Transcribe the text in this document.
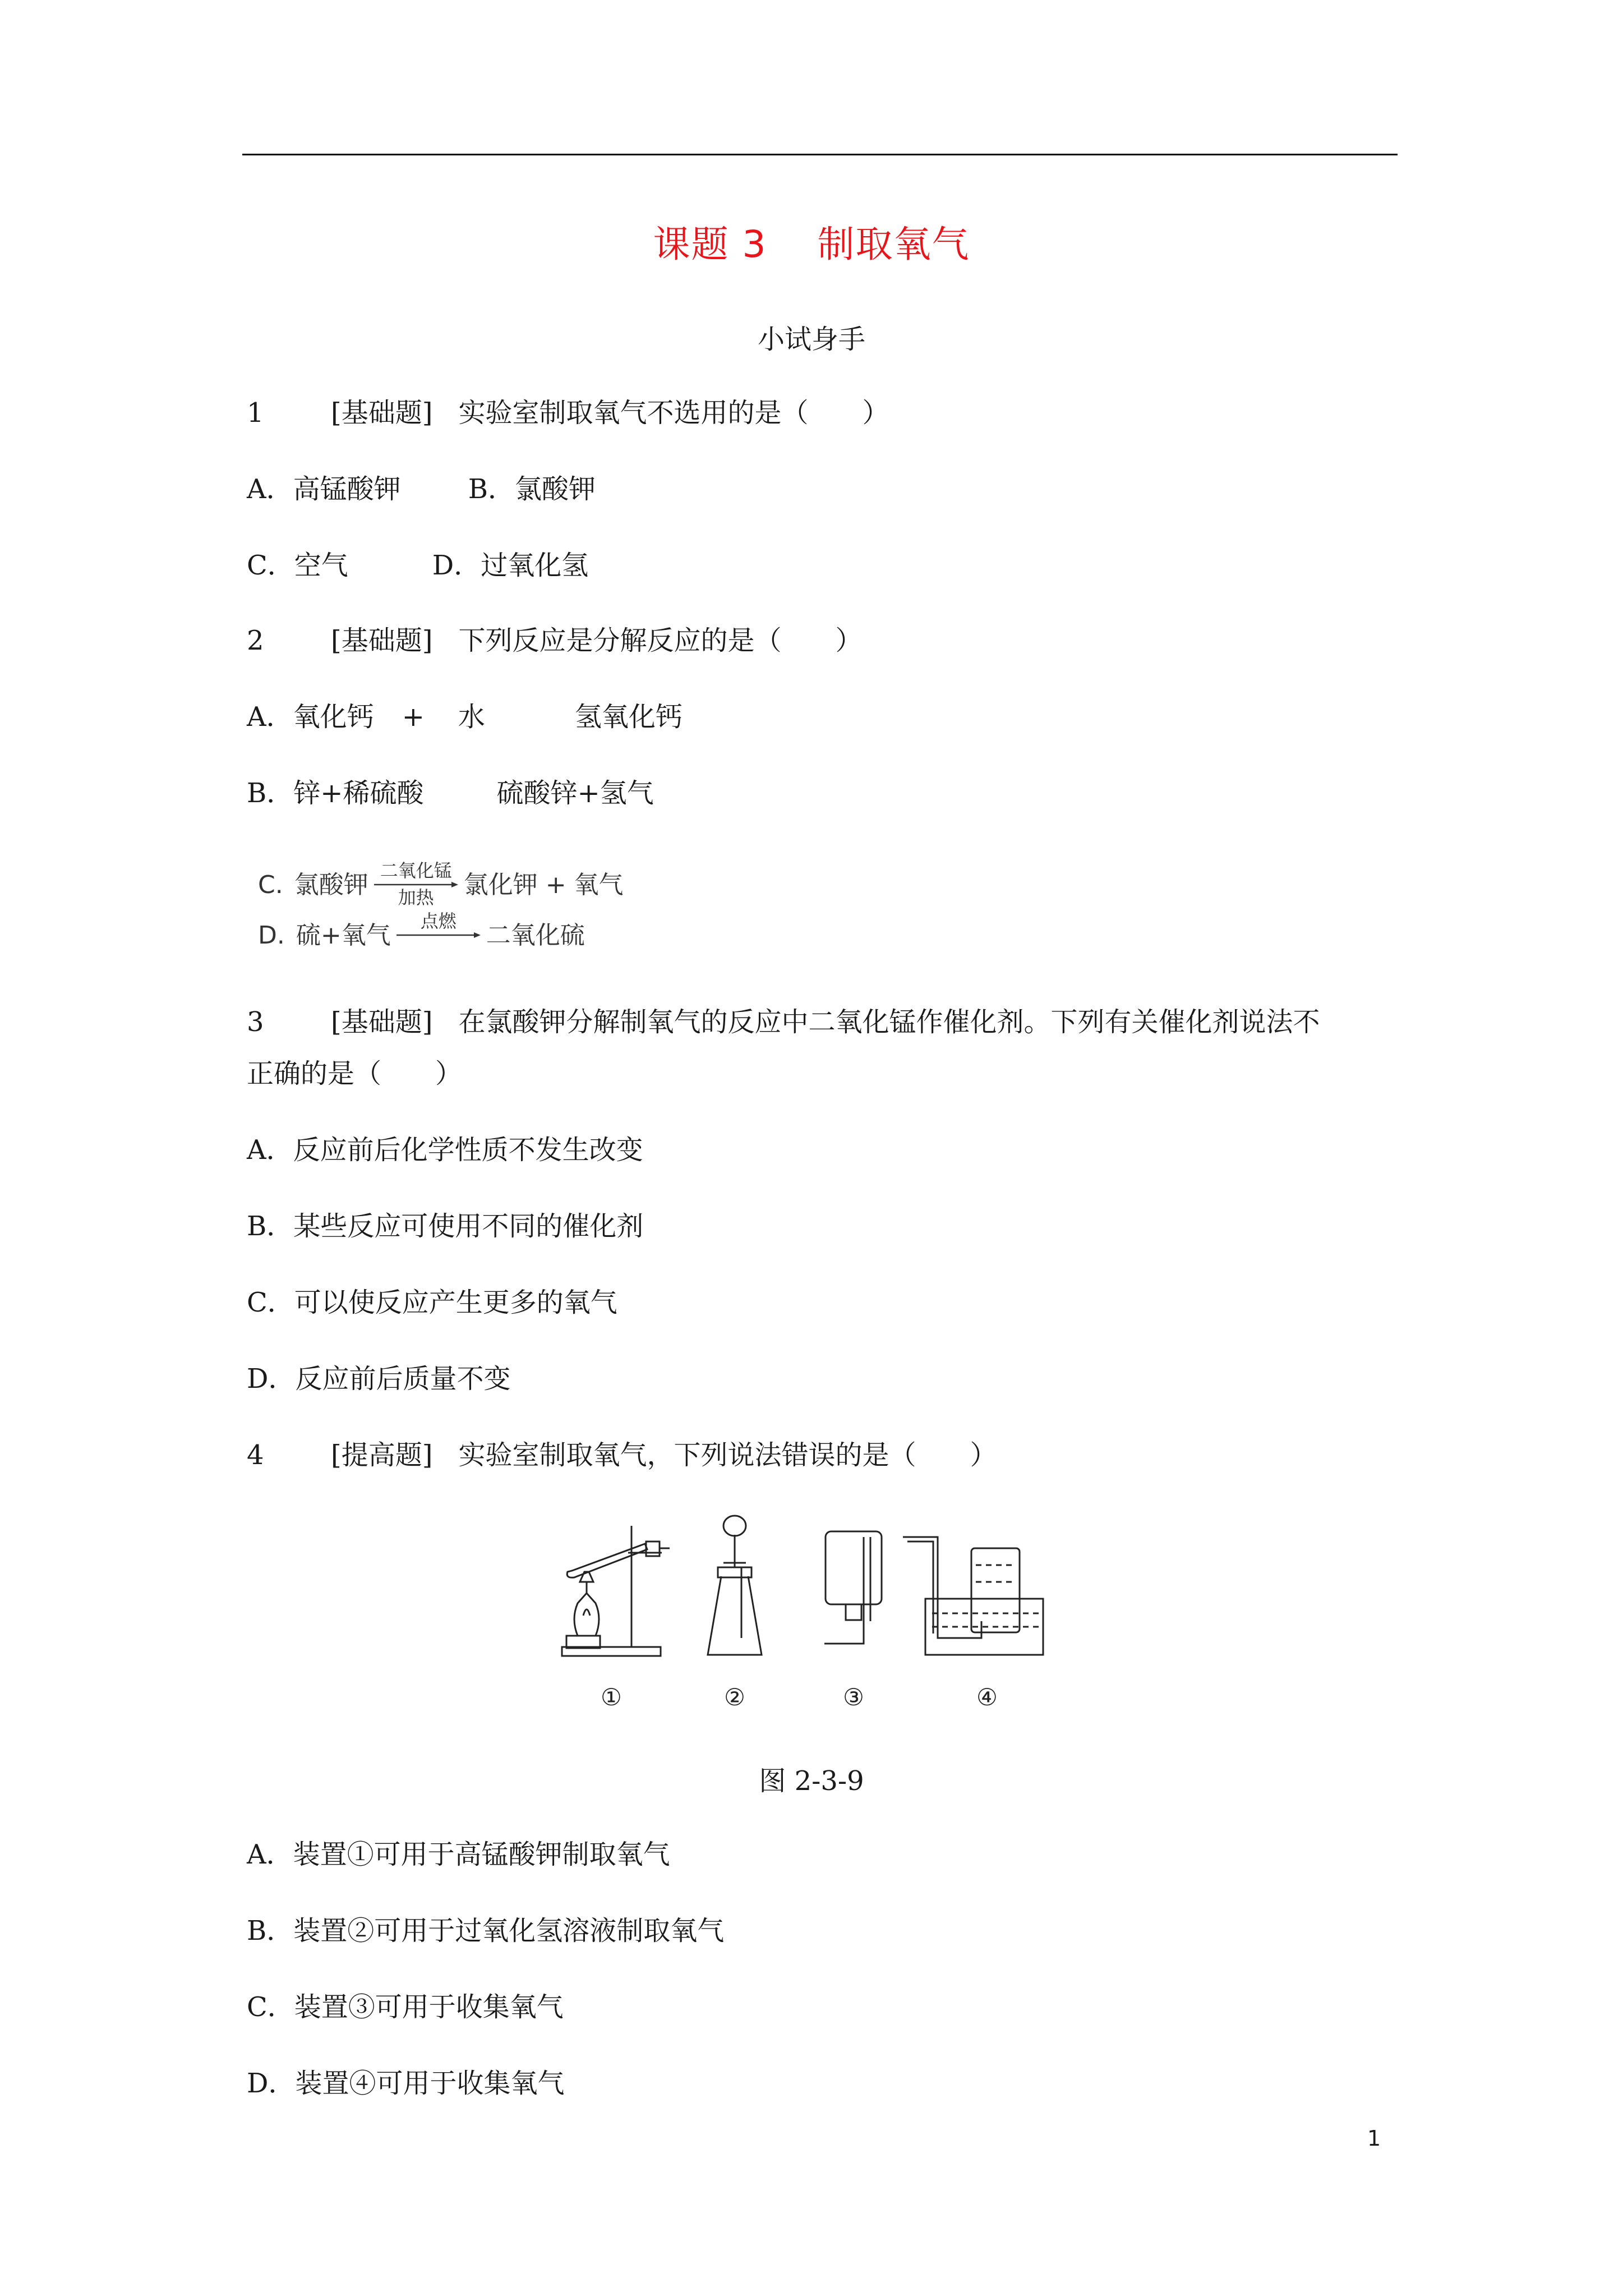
课题 3 制取氧气
小试身手
1 [基础题] 实验室制取氧气不选用的是（　　）
A．高锰酸钾	B．氯酸钾
C．空气	D．过氧化氢
2 [基础题] 下列反应是分解反应的是（　　）
A．氧化钙 + 水	氢氧化钙
B．锌+稀硫酸	硫酸锌+氢气
C. 氯酸钾 二氧化锰
加热	氯化钾 + 氧气
D. 硫+氧气	点燃	二氧化硫
3 [基础题] 在氯酸钾分解制氧气的反应中二氧化锰作催化剂。下列有关催化剂说法不
正确的是（　　）
A．反应前后化学性质不发生改变
B．某些反应可使用不同的催化剂
C．可以使反应产生更多的氧气
D．反应前后质量不变
4 [提高题] 实验室制取氧气，下列说法错误的是（　　）
①	②	③	④
图 2-3-9
A．装置①可用于高锰酸钾制取氧气
B．装置②可用于过氧化氢溶液制取氧气
C．装置③可用于收集氧气
D．装置④可用于收集氧气
1
